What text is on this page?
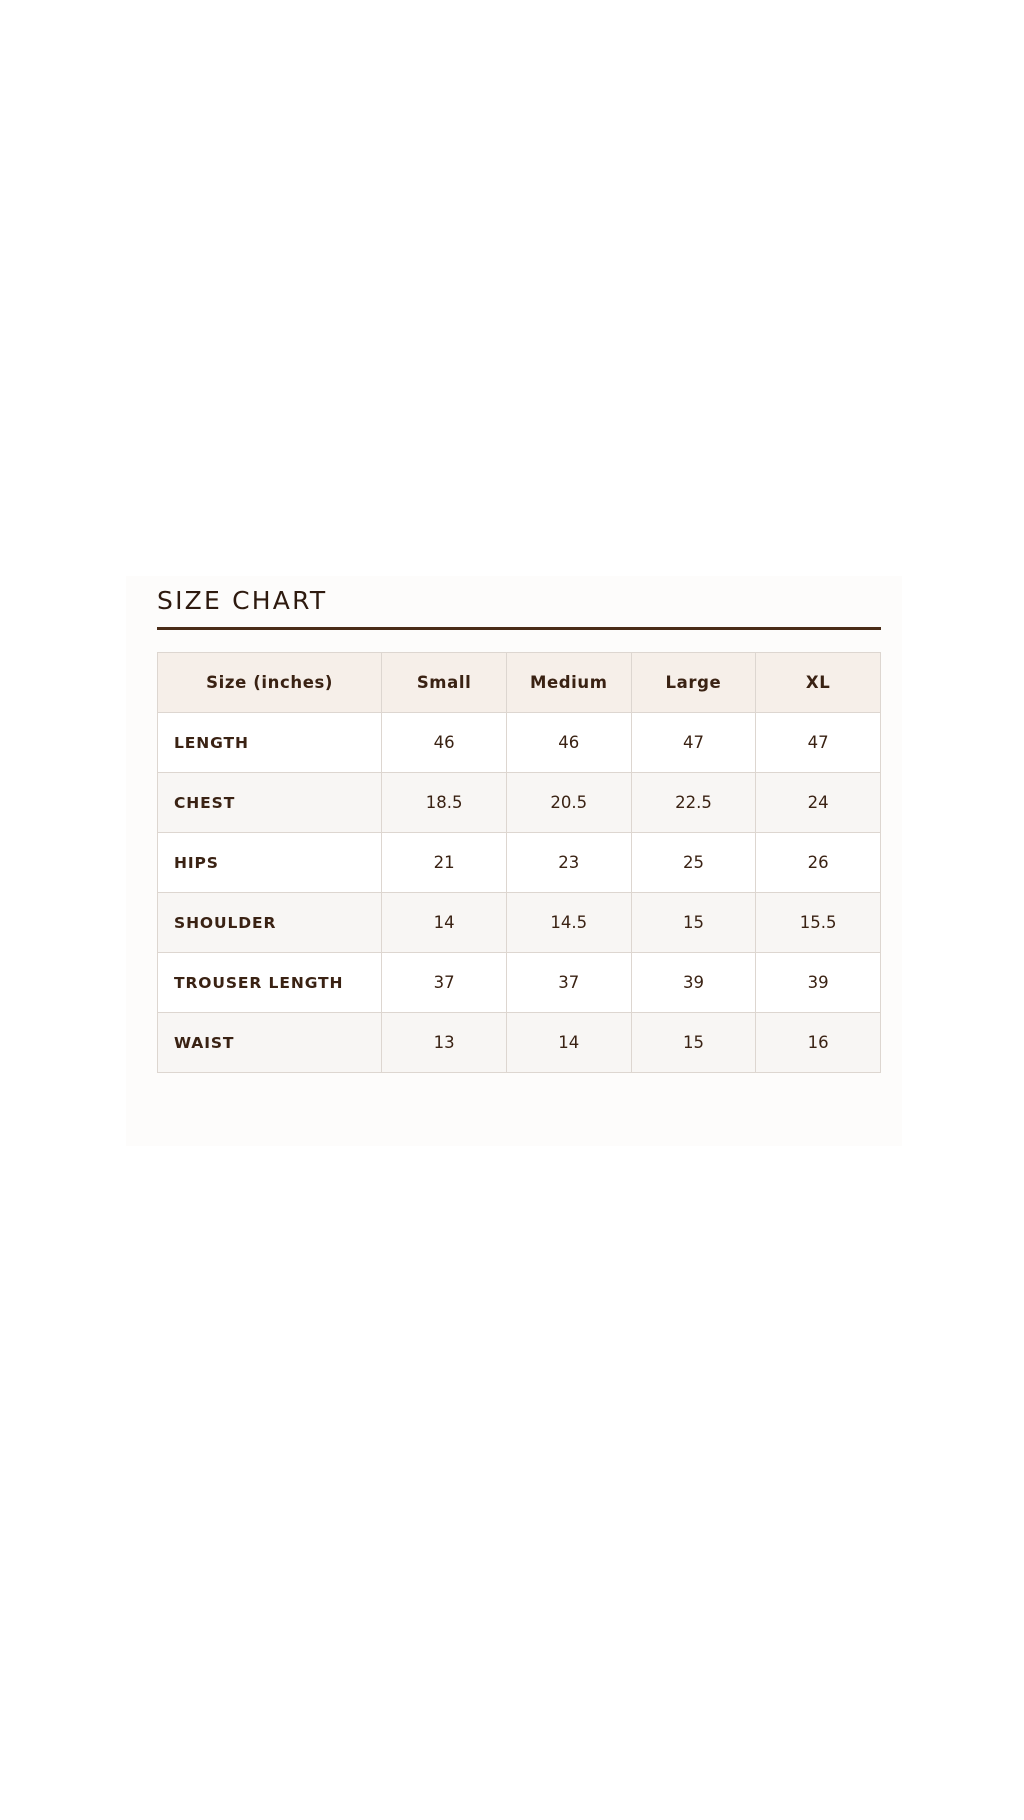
SIZE CHART
Size (inches)	Small	Medium	Large	XL
LENGTH	46	46	47	47
CHEST	18.5	20.5	22.5	24
HIPS	21	23	25	26
SHOULDER	14	14.5	15	15.5
TROUSER LENGTH	37	37	39	39
WAIST	13	14	15	16
